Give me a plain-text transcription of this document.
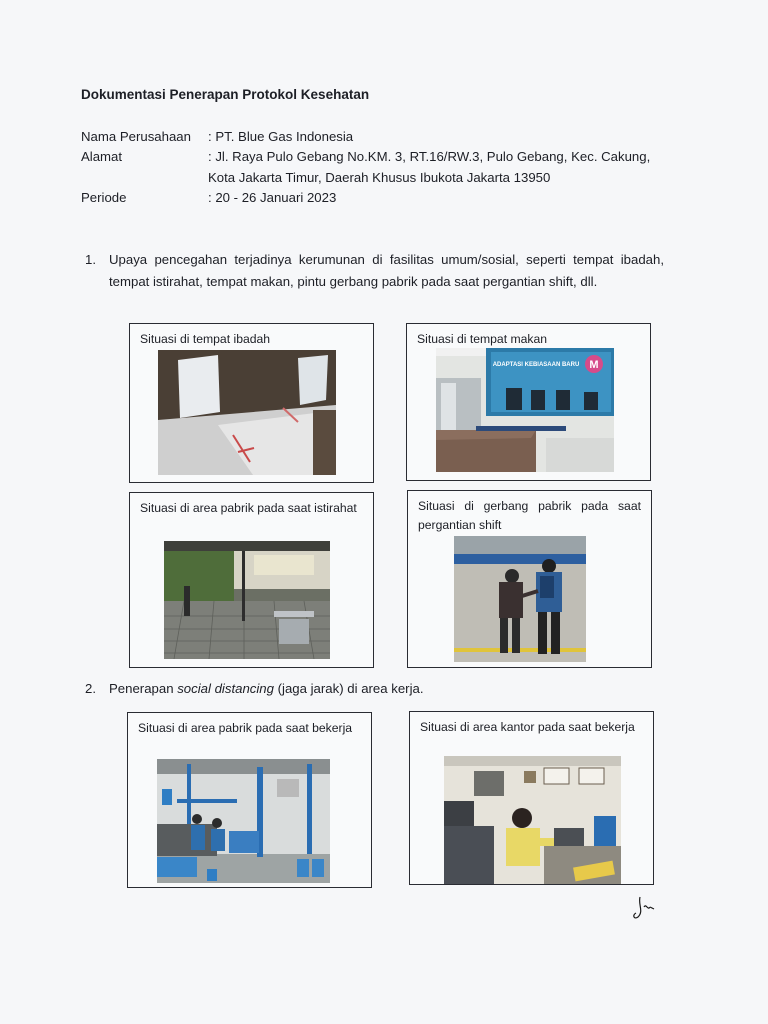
Dokumentasi Penerapan Protokol Kesehatan
Nama Perusahaan	: PT. Blue Gas Indonesia
Alamat	: Jl. Raya Pulo Gebang No.KM. 3, RT.16/RW.3, Pulo Gebang, Kec. Cakung,
Kota Jakarta Timur, Daerah Khusus Ibukota Jakarta 13950
Periode	: 20 - 26 Januari 2023
1. Upaya pencegahan terjadinya kerumunan di fasilitas umum/sosial, seperti tempat ibadah, tempat istirahat, tempat makan, pintu gerbang pabrik pada saat pergantian shift, dll.
Situasi di tempat ibadah	Situasi di tempat makan
ADAPTASI KEBIASAAN BARU M
Situasi di area pabrik pada saat istirahat	Situasi di gerbang pabrik pada saat pergantian shift
2. Penerapan social distancing (jaga jarak) di area kerja.
Situasi di area pabrik pada saat bekerja	Situasi di area kantor pada saat bekerja
